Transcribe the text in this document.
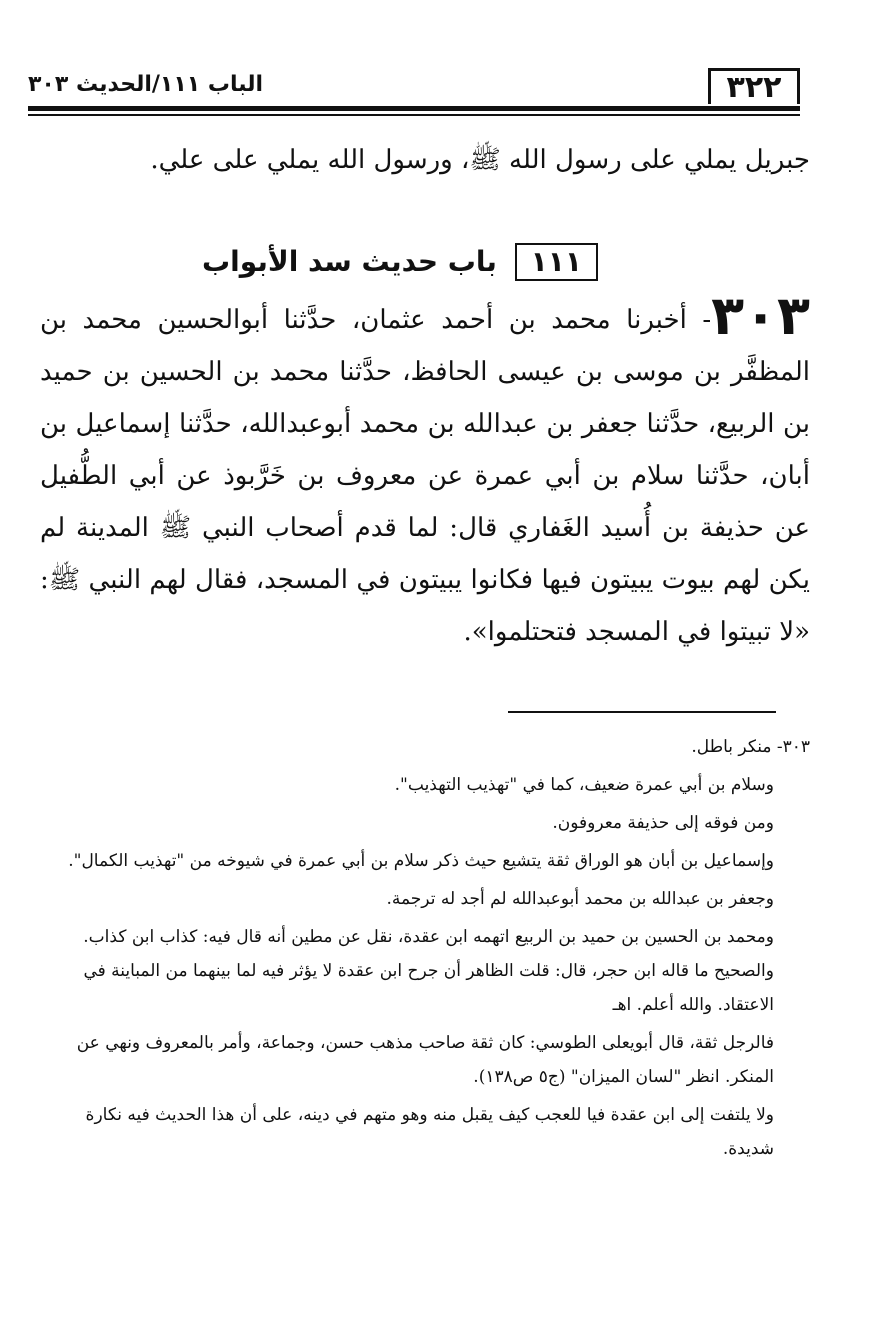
٣٢٢
الباب ١١١/الحديث ٣٠٣
جبريل يملي على رسول الله ﷺ، ورسول الله يملي على علي.
١١١ باب حديث سد الأبواب
٣٠٣- أخبرنا محمد بن أحمد عثمان، حدَّثنا أبوالحسين محمد بن المظفَّر بن موسى بن عيسى الحافظ، حدَّثنا محمد بن الحسين بن حميد بن الربيع، حدَّثنا جعفر بن عبدالله بن محمد أبوعبدالله، حدَّثنا إسماعيل بن أبان، حدَّثنا سلام بن أبي عمرة عن معروف بن خَرَّبوذ عن أبي الطُّفيل عن حذيفة بن أُسيد الغَفاري قال: لما قدم أصحاب النبي ﷺ المدينة لم يكن لهم بيوت يبيتون فيها فكانوا يبيتون في المسجد، فقال لهم النبي ﷺ: «لا تبيتوا في المسجد فتحتلموا».

٣٠٣- منكر باطل.

وسلام بن أبي عمرة ضعيف، كما في "تهذيب التهذيب".

ومن فوقه إلى حذيفة معروفون.

وإسماعيل بن أبان هو الوراق ثقة يتشيع حيث ذكر سلام بن أبي عمرة في شيوخه من "تهذيب الكمال".

وجعفر بن عبدالله بن محمد أبوعبدالله لم أجد له ترجمة.

ومحمد بن الحسين بن حميد بن الربيع اتهمه ابن عقدة، نقل عن مطين أنه قال فيه: كذاب ابن كذاب. والصحيح ما قاله ابن حجر، قال: قلت الظاهر أن جرح ابن عقدة لا يؤثر فيه لما بينهما من المباينة في الاعتقاد. والله أعلم. اهـ

فالرجل ثقة، قال أبويعلى الطوسي: كان ثقة صاحب مذهب حسن، وجماعة، وأمر بالمعروف ونهي عن المنكر. انظر "لسان الميزان" (ج٥ ص١٣٨).

ولا يلتفت إلى ابن عقدة فيا للعجب كيف يقبل منه وهو متهم في دينه، على أن هذا الحديث فيه نكارة شديدة.
